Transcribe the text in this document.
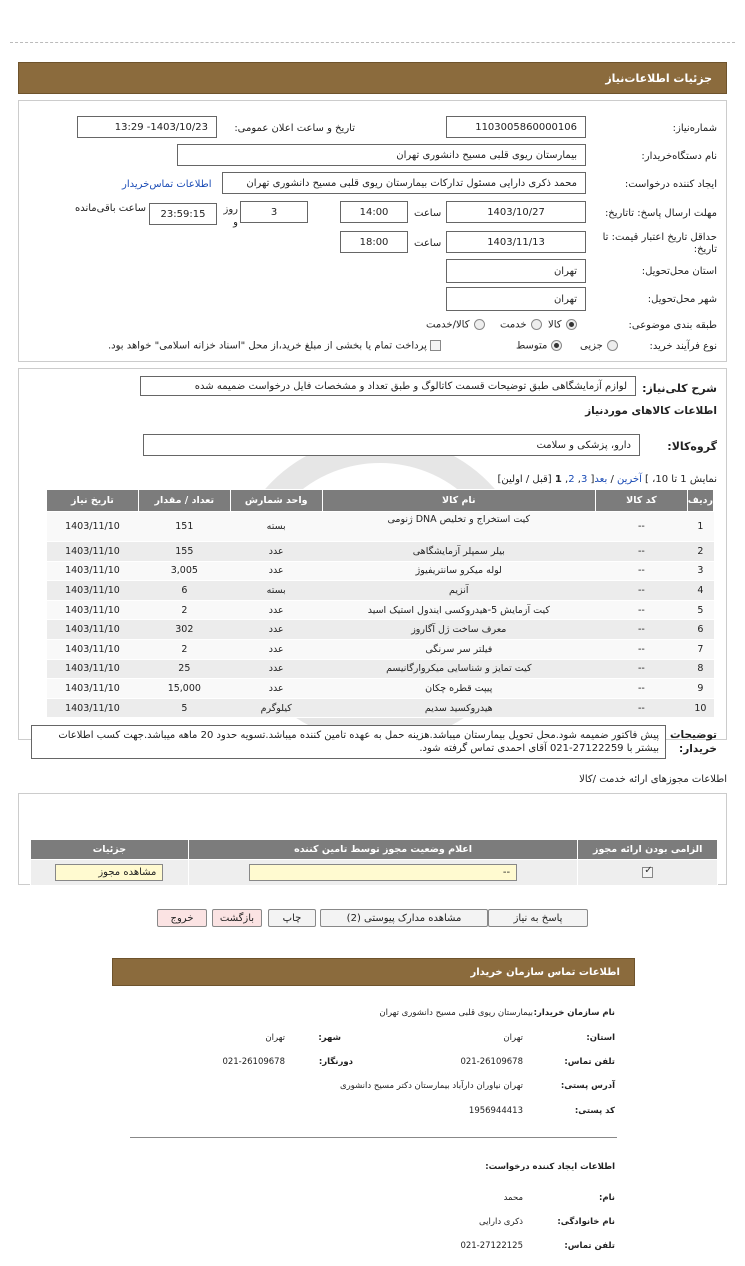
جزئیات اطلاعات‌نیاز
شماره‌نیاز:
1103005860000106
تاریخ و ساعت اعلان عمومی:
1403/10/23- 13:29
نام دستگاه‌خریدار:
بیمارستان ریوی قلبی مسیح دانشوری تهران
ایجاد کننده درخواست:
محمد ذکری دارایی مسئول تدارکات بیمارستان ریوی قلبی مسیح دانشوری تهران
اطلاعات تماس‌خریدار
مهلت ارسال پاسخ: تاتاریخ:
1403/10/27
ساعت
14:00
3
روز و
23:59:15
ساعت باقی‌مانده
حداقل تاریخ اعتبار قیمت: تا تاریخ:
1403/11/13
ساعت
18:00
استان محل‌تحویل:
تهران
شهر محل‌تحویل:
تهران
طبقه بندی موضوعی:
کالا
خدمت
کالا/خدمت
نوع فرآیند خرید:
جزیی
متوسط
پرداخت تمام یا بخشی از مبلغ خرید،از محل "اسناد خزانه اسلامی" خواهد بود.
شرح کلی‌نیاز:
لوازم آزمایشگاهی طبق توضیحات قسمت کاتالوگ و طبق تعداد و مشخصات فایل درخواست ضمیمه شده
اطلاعات کالاهای موردنیاز
گروه‌کالا:
دارو، پزشکی و سلامت
نمایش 1 تا 10، ] آخرین / بعد[ 3, 2, 1 [قبل / اولین]
ردیف	کد کالا	نام کالا	واحد شمارش	تعداد / مقدار	تاریخ نیاز
1	--	کیت استخراج و تخلیص DNA ژنومی	بسته	151	1403/11/10
2	--	بیلر سمپلر آزمایشگاهی	عدد	155	1403/11/10
3	--	لوله میکرو سانتریفیوژ	عدد	3,005	1403/11/10
4	--	آنزیم	بسته	6	1403/11/10
5	--	کیت آزمایش 5-هیدروکسی ایندول استیک اسید	عدد	2	1403/11/10
6	--	معرف ساخت ژل آگاروز	عدد	302	1403/11/10
7	--	فیلتر سر سرنگی	عدد	2	1403/11/10
8	--	کیت تمایز و شناسایی میکروارگانیسم	عدد	25	1403/11/10
9	--	پیپت قطره چکان	عدد	15,000	1403/11/10
10	--	هیدروکسید سدیم	کیلوگرم	5	1403/11/10
توضیحات
خریدار:
پیش فاکتور ضمیمه شود.محل تحویل بیمارستان میباشد.هزینه حمل به عهده تامین کننده میباشد.تسویه حدود 20 ماهه میباشد.جهت کسب اطلاعات بیشتر با 27122259-021 آقای احمدی تماس گرفته شود.
اطلاعات مجوزهای ارائه خدمت /کالا
الزامی بودن ارائه مجوز	اعلام وضعیت مجوز توسط تامین کننده	جزئیات
✓	
--	مشاهده مجوز
پاسخ به نیاز
مشاهده مدارک پیوستی (2)
چاپ
بازگشت
خروج
اطلاعات تماس سازمان خریدار
نام سازمان خریدار:
بیمارستان ریوی قلبی مسیح دانشوری تهران
استان:
تهران
شهر:
تهران
تلفن تماس:
021-26109678
دورنگار:
021-26109678
آدرس پستی:
تهران نیاوران دارآباد بیمارستان دکتر مسیح دانشوری
کد پستی:
1956944413
اطلاعات ایجاد کننده درخواست:
نام:
محمد
نام خانوادگی:
ذکری دارایی
تلفن تماس:
021-27122125
